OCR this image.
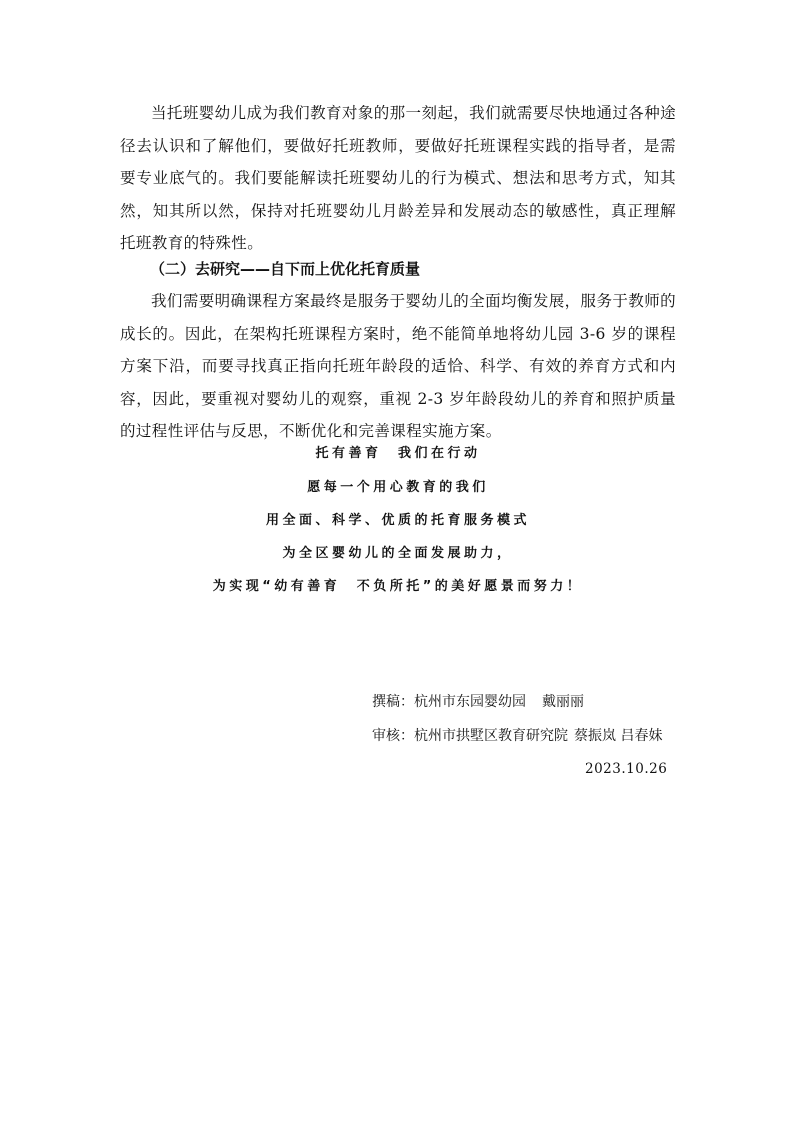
当托班婴幼儿成为我们教育对象的那一刻起，我们就需要尽快地通过各种途径去认识和了解他们，要做好托班教师，要做好托班课程实践的指导者，是需要专业底气的。我们要能解读托班婴幼儿的行为模式、想法和思考方式，知其然，知其所以然，保持对托班婴幼儿月龄差异和发展动态的敏感性，真正理解托班教育的特殊性。

（二）去研究——自下而上优化托育质量

我们需要明确课程方案最终是服务于婴幼儿的全面均衡发展，服务于教师的成长的。因此，在架构托班课程方案时，绝不能简单地将幼儿园 3-6 岁的课程方案下沿，而要寻找真正指向托班年龄段的适恰、科学、有效的养育方式和内容，因此，要重视对婴幼儿的观察，重视 2-3 岁年龄段幼儿的养育和照护质量的过程性评估与反思，不断优化和完善课程实施方案。

托有善育　我们在行动

愿每一个用心教育的我们

用全面、科学、优质的托育服务模式

为全区婴幼儿的全面发展助力，

为实现“幼有善育　不负所托”的美好愿景而努力！

撰稿：杭州市东园婴幼园 戴丽丽

审核：杭州市拱墅区教育研究院 蔡振岚 吕春妹

2023.10.26
